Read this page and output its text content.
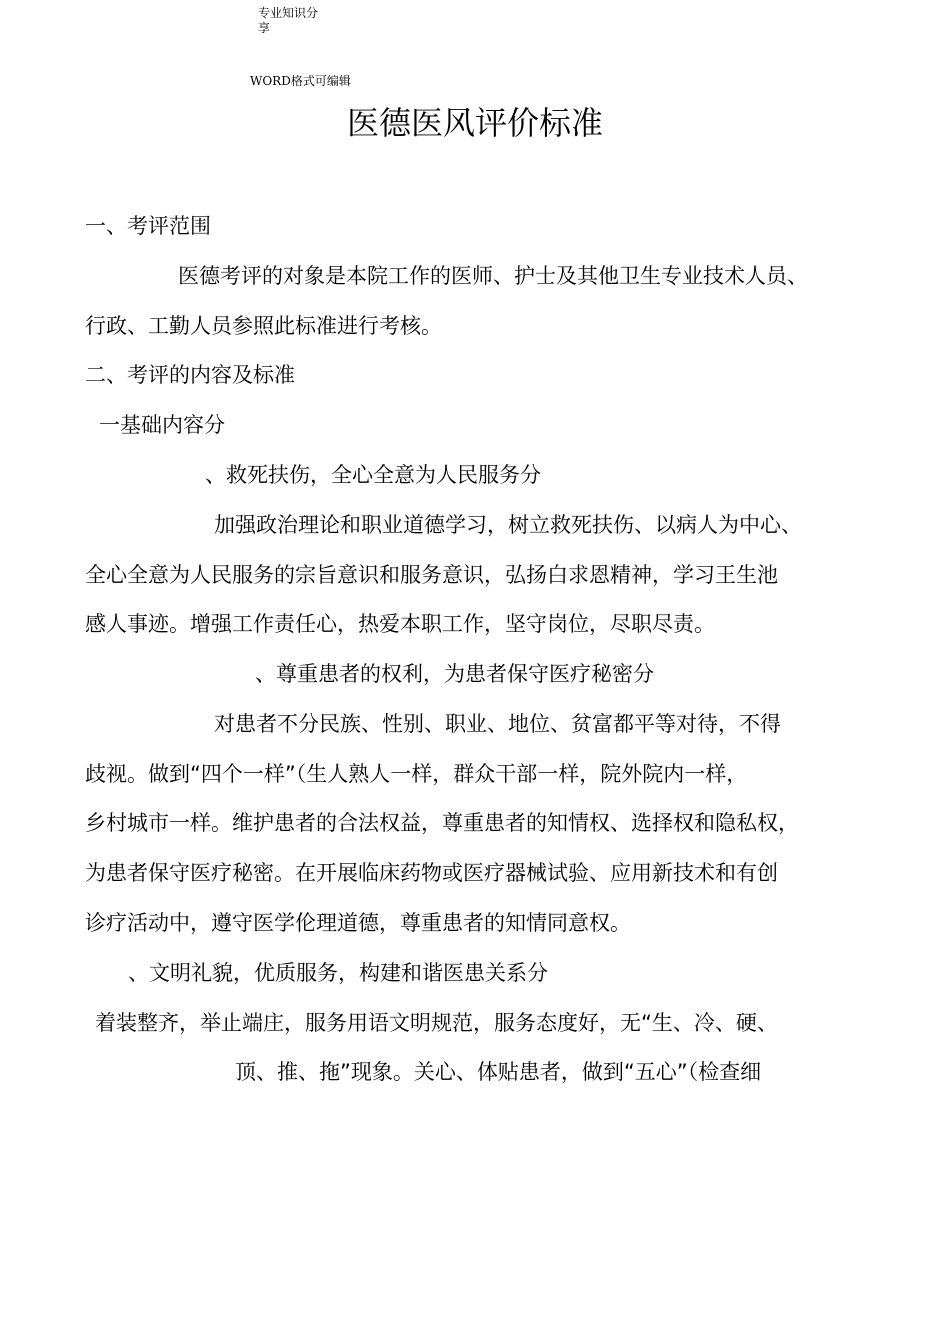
专业知识分
享
WORD格式可编辑
医德医风评价标准
一、考评范围
医德考评的对象是本院工作的医师、护士及其他卫生专业技术人员、
行政、工勤人员参照此标准进行考核。
二、考评的内容及标准
一基础内容分
、救死扶伤，全心全意为人民服务分
加强政治理论和职业道德学习，树立救死扶伤、以病人为中心、
全心全意为人民服务的宗旨意识和服务意识，弘扬白求恩精神，学习王生池
感人事迹。增强工作责任心，热爱本职工作，坚守岗位，尽职尽责。
、尊重患者的权利，为患者保守医疗秘密分
对患者不分民族、性别、职业、地位、贫富都平等对待，不得
歧视。做到“四个一样”（生人熟人一样，群众干部一样，院外院内一样，
乡村城市一样。维护患者的合法权益，尊重患者的知情权、选择权和隐私权，
为患者保守医疗秘密。在开展临床药物或医疗器械试验、应用新技术和有创
诊疗活动中，遵守医学伦理道德，尊重患者的知情同意权。
、文明礼貌，优质服务，构建和谐医患关系分
着装整齐，举止端庄，服务用语文明规范，服务态度好，无“生、冷、硬、
顶、推、拖”现象。关心、体贴患者，做到“五心”（检查细
